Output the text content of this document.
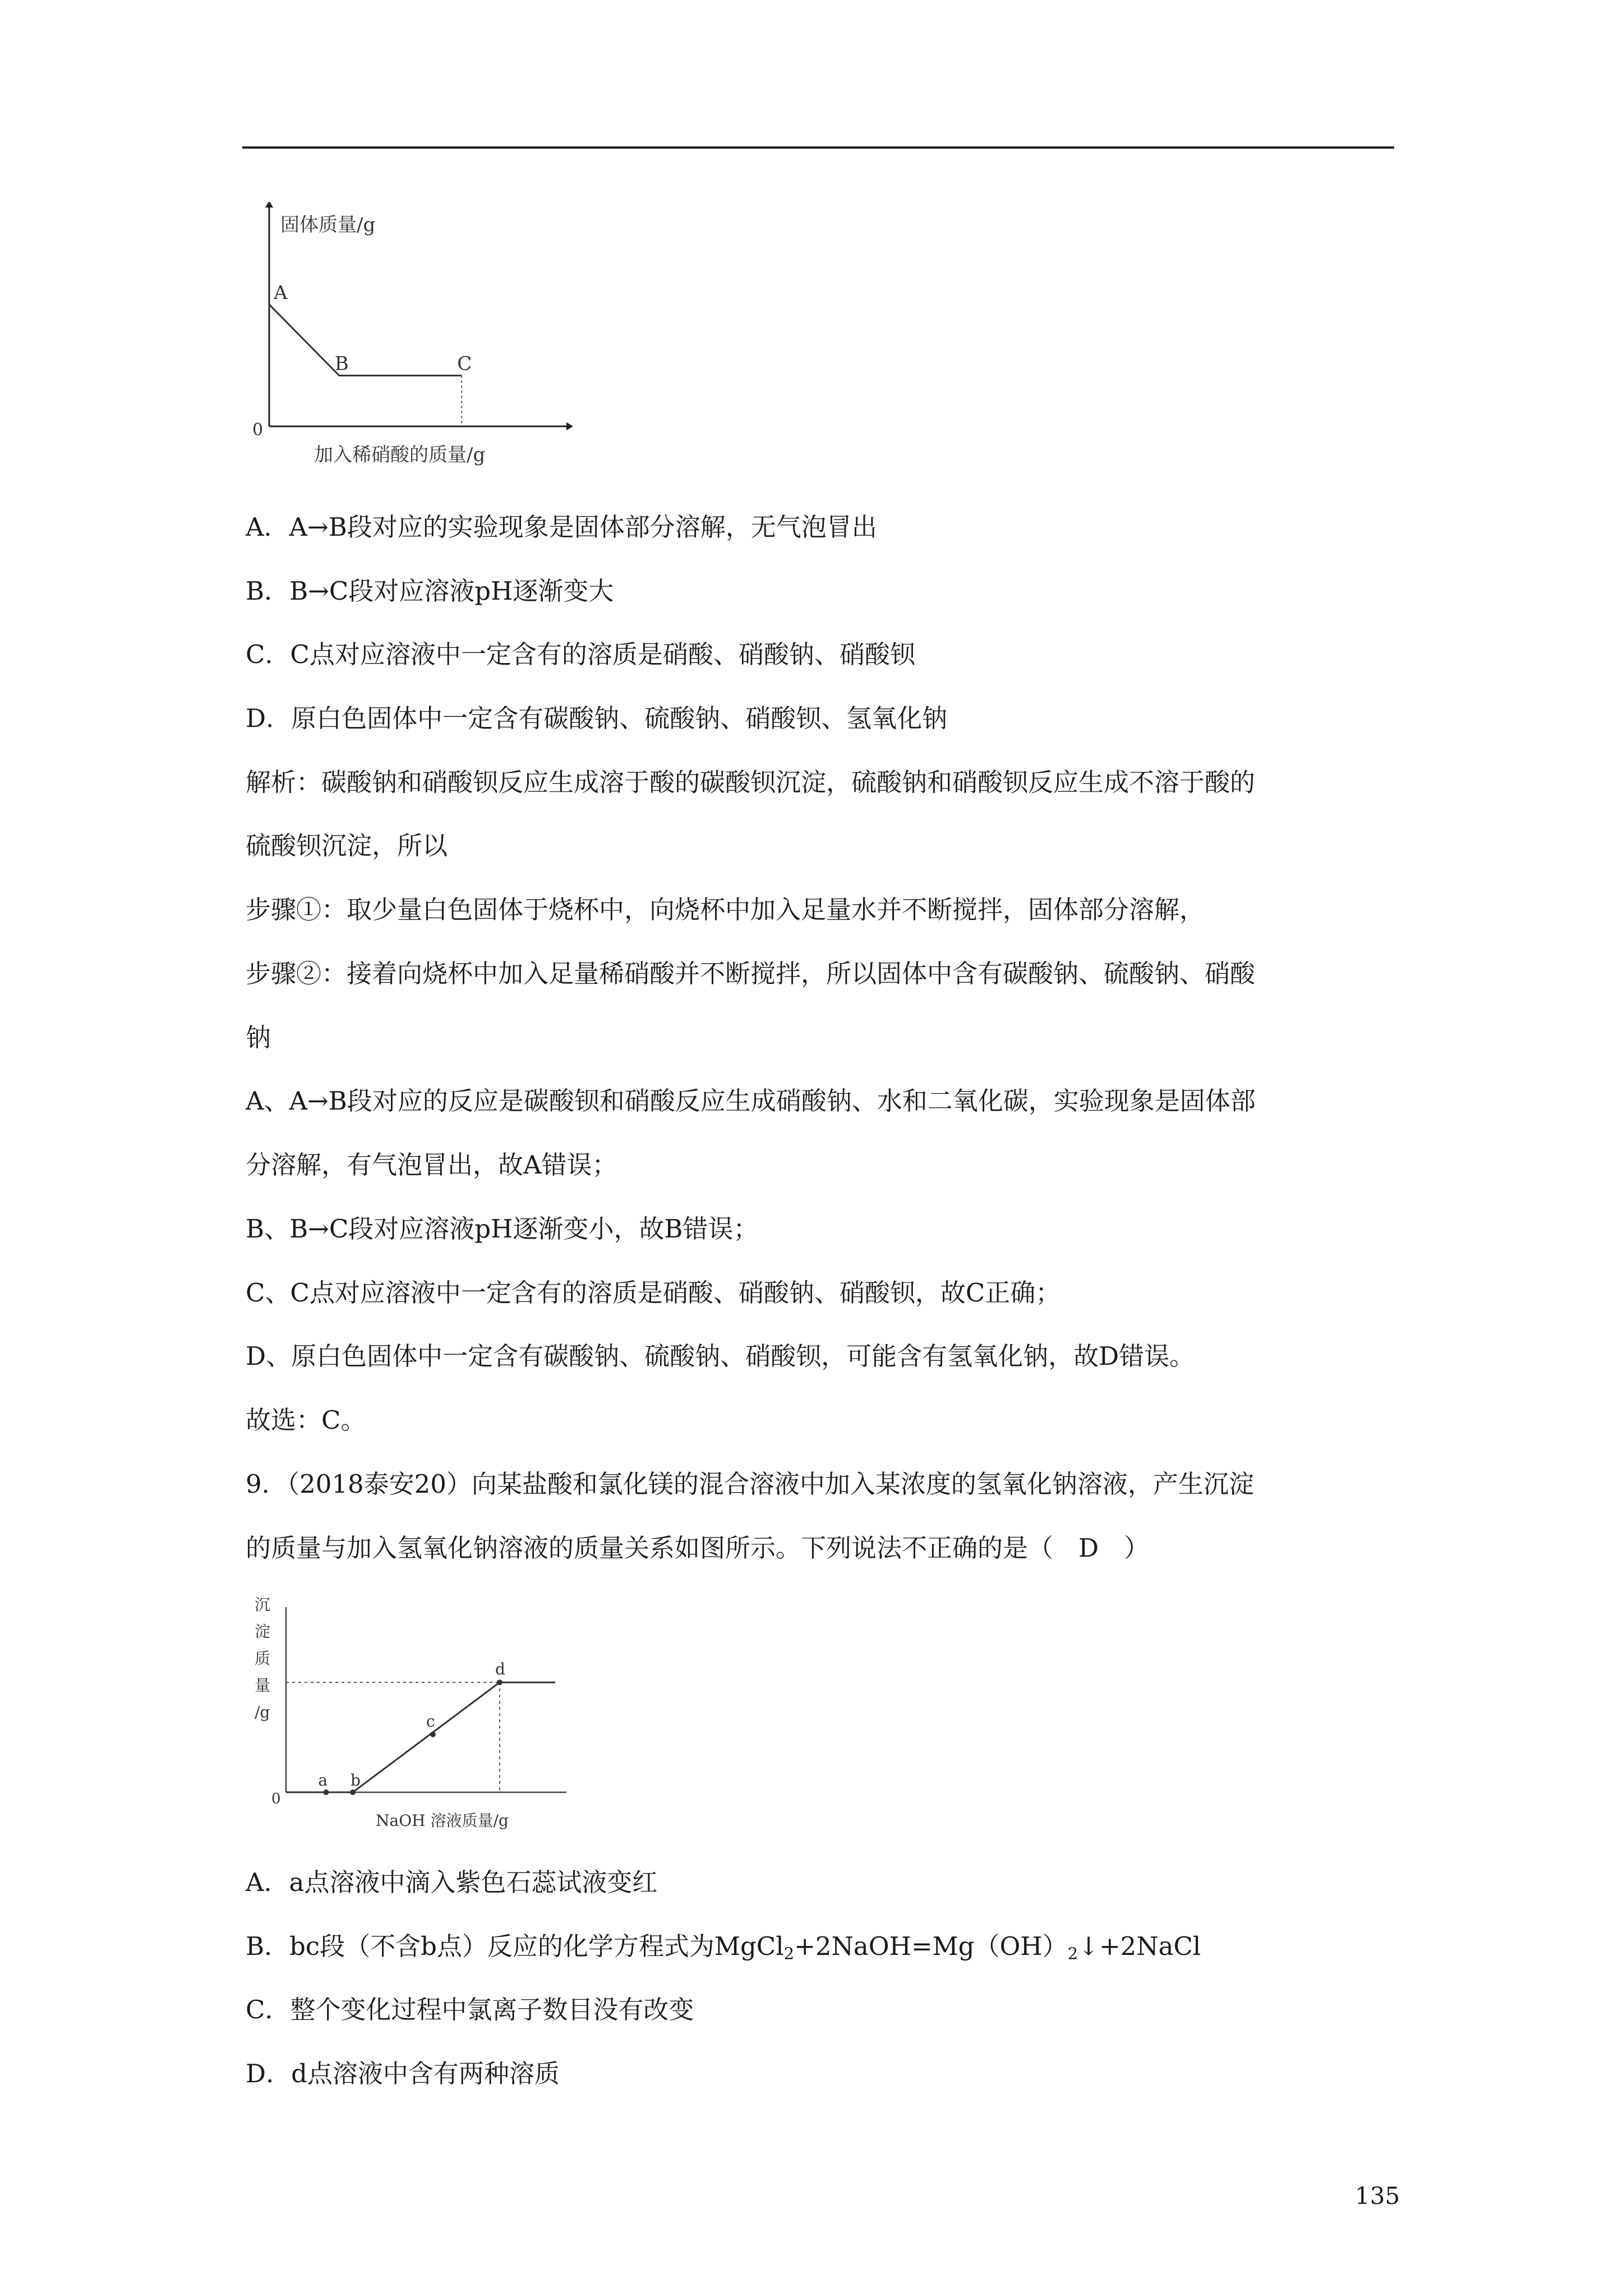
固体质量/g
加入稀硝酸的质量/g
0
A
B	C
A．A→B段对应的实验现象是固体部分溶解，无气泡冒出
B．B→C段对应溶液pH逐渐变大
C．C点对应溶液中一定含有的溶质是硝酸、硝酸钠、硝酸钡
D．原白色固体中一定含有碳酸钠、硫酸钠、硝酸钡、氢氧化钠
解析：碳酸钠和硝酸钡反应生成溶于酸的碳酸钡沉淀，硫酸钠和硝酸钡反应生成不溶于酸的
硫酸钡沉淀，所以
步骤①：取少量白色固体于烧杯中，向烧杯中加入足量水并不断搅拌，固体部分溶解，
步骤②：接着向烧杯中加入足量稀硝酸并不断搅拌，所以固体中含有碳酸钠、硫酸钠、硝酸
钠
A、A→B段对应的反应是碳酸钡和硝酸反应生成硝酸钠、水和二氧化碳，实验现象是固体部
分溶解，有气泡冒出，故A错误；
B、B→C段对应溶液pH逐渐变小，故B错误；
C、C点对应溶液中一定含有的溶质是硝酸、硝酸钠、硝酸钡，故C正确；
D、原白色固体中一定含有碳酸钠、硫酸钠、硝酸钡，可能含有氢氧化钠，故D错误。
故选：C。
9．（2018泰安20）向某盐酸和氯化镁的混合溶液中加入某浓度的氢氧化钠溶液，产生沉淀
的质量与加入氢氧化钠溶液的质量关系如图所示。下列说法不正确的是（　D　）
沉
淀
质
量
/g
NaOH 溶液质量/g
0
a b
c
d
A．a点溶液中滴入紫色石蕊试液变红
B．bc段（不含b点）反应的化学方程式为$MgCl_2+2NaOH=Mg(OH)_2↓+2NaCl$
C．整个变化过程中氯离子数目没有改变
D．d点溶液中含有两种溶质
135
